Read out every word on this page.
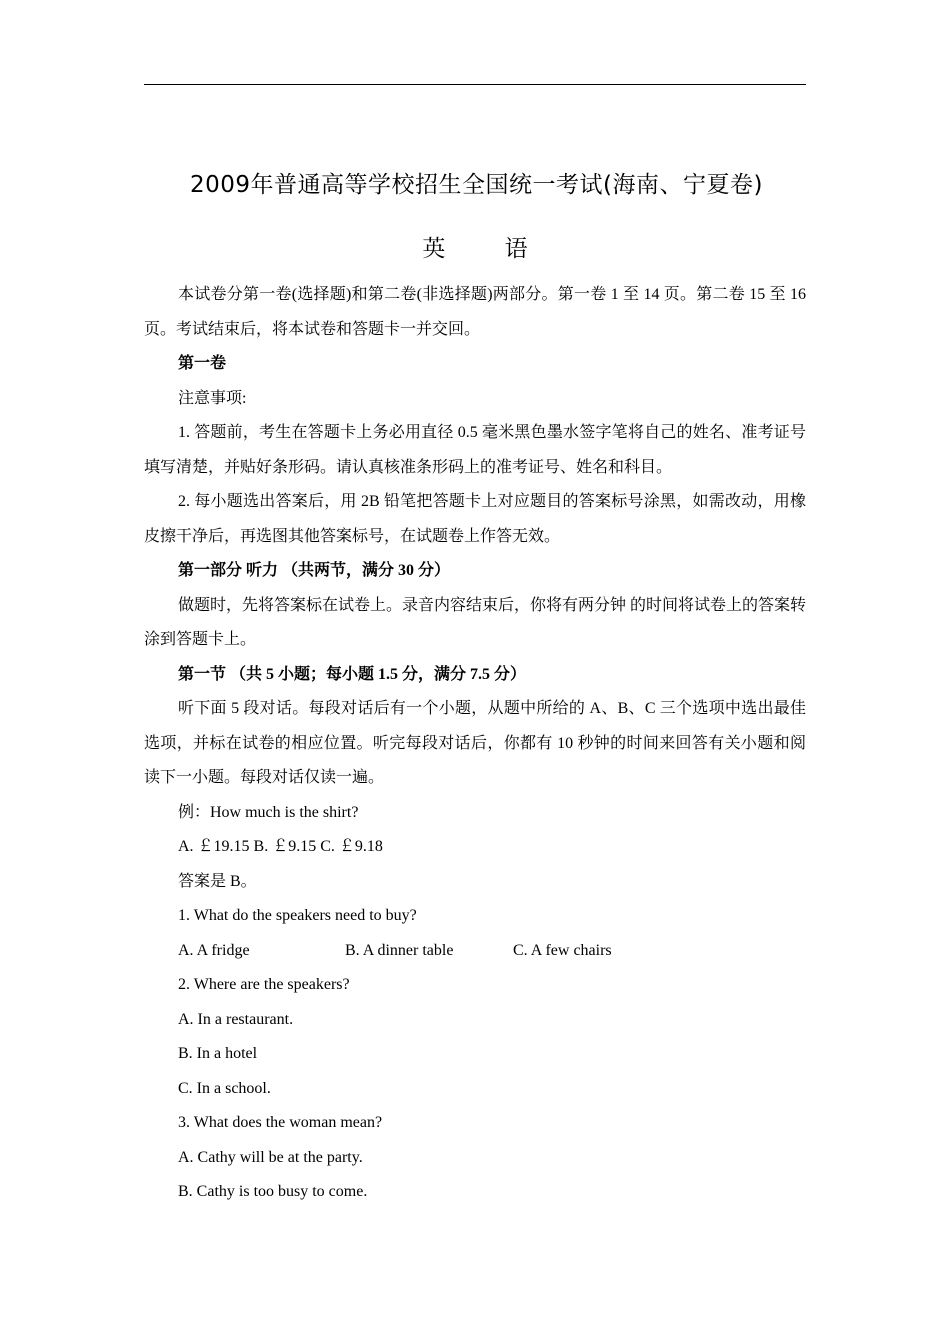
2009年普通高等学校招生全国统一考试(海南、宁夏卷)
英 语

本试卷分第一卷(选择题)和第二卷(非选择题)两部分。第一卷 1 至 14 页。第二卷 15 至 16 页。考试结束后，将本试卷和答题卡一并交回。

第一卷

注意事项:

1. 答题前，考生在答题卡上务必用直径 0.5 毫米黑色墨水签字笔将自己的姓名、准考证号填写清楚，并贴好条形码。请认真核准条形码上的准考证号、姓名和科目。

2. 每小题选出答案后，用 2B 铅笔把答题卡上对应题目的答案标号涂黑，如需改动，用橡皮擦干净后，再选图其他答案标号，在试题卷上作答无效。

第一部分 听力 （共两节，满分 30 分）

做题时，先将答案标在试卷上。录音内容结束后，你将有两分钟 的时间将试卷上的答案转涂到答题卡上。

第一节 （共 5 小题；每小题 1.5 分，满分 7.5 分）

听下面 5 段对话。每段对话后有一个小题，从题中所给的 A、B、C 三个选项中选出最佳选项，并标在试卷的相应位置。听完每段对话后，你都有 10 秒钟的时间来回答有关小题和阅读下一小题。每段对话仅读一遍。

例：How much is the shirt?

A. ￡19.15 B. ￡9.15 C. ￡9.18

答案是 B。

1. What do the speakers need to buy?

A. A fridge	B. A dinner table	C. A few chairs

2. Where are the speakers?

A. In a restaurant.

B. In a hotel

C. In a school.

3. What does the woman mean?

A. Cathy will be at the party.

B. Cathy is too busy to come.
